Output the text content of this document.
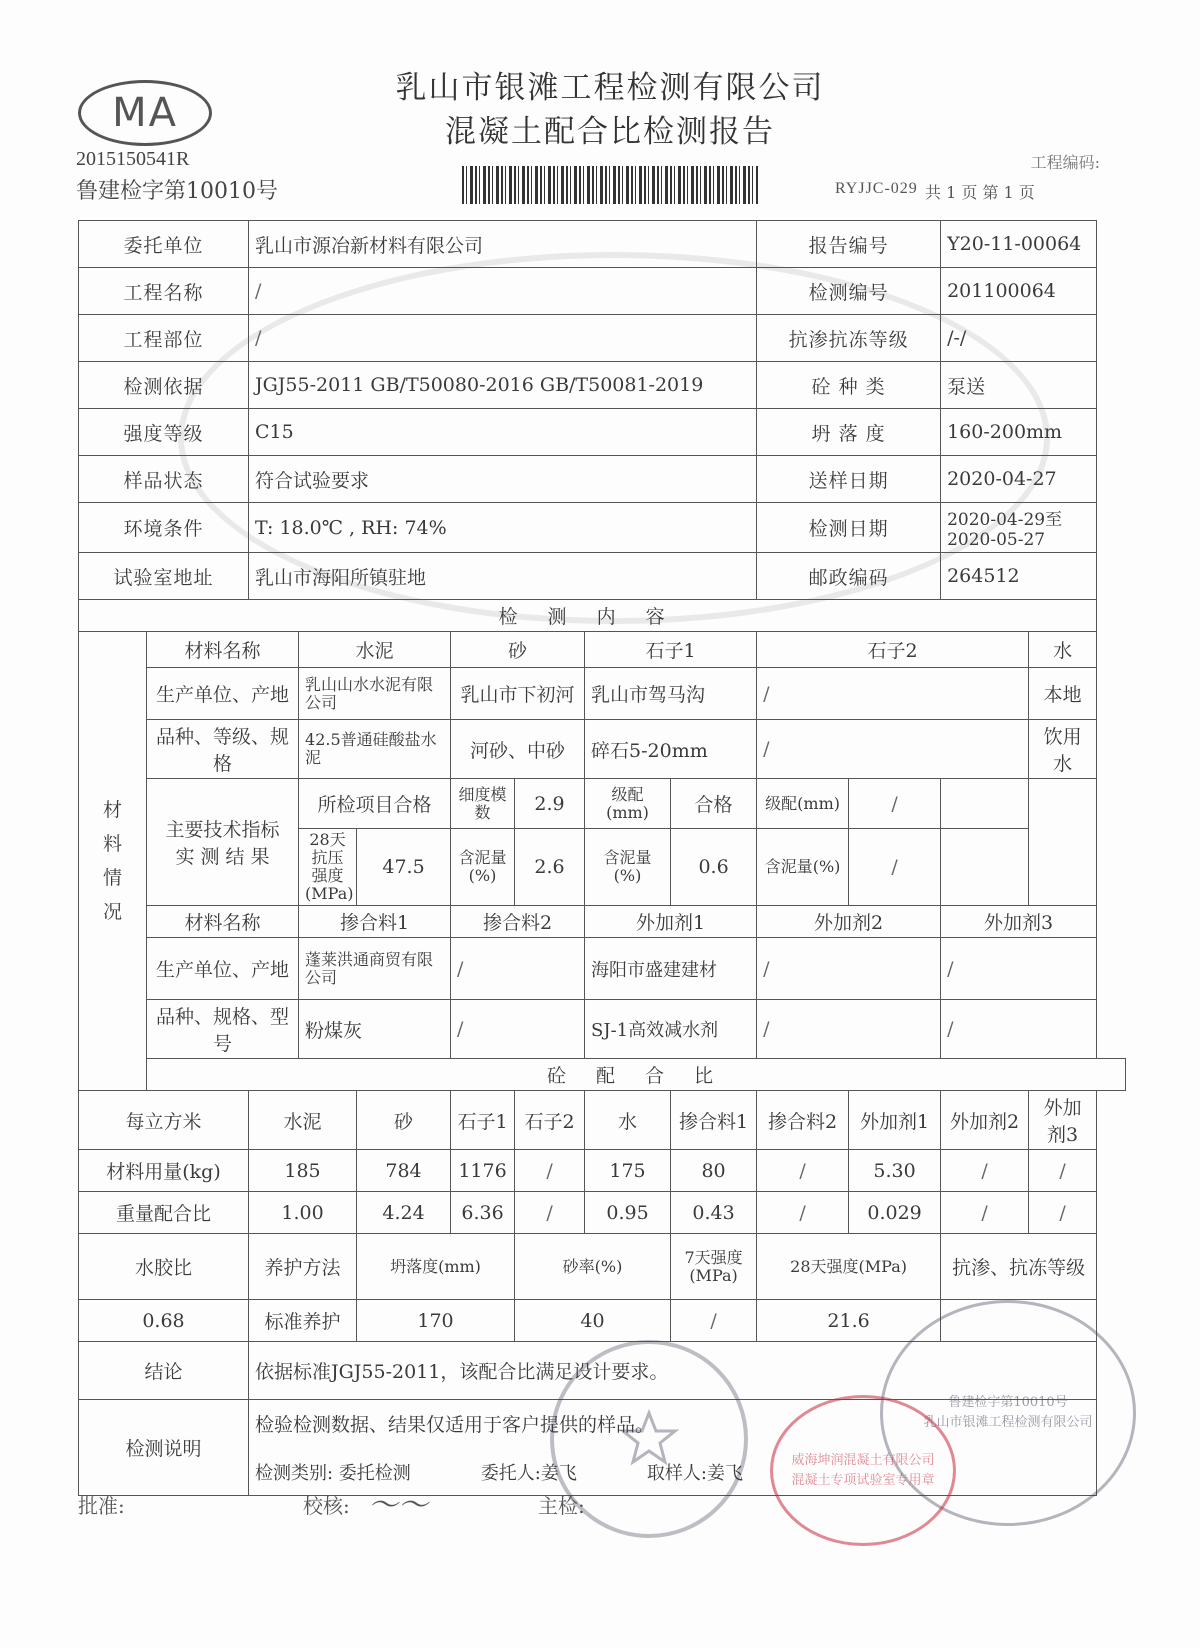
MA
2015150541R
鲁建检字第10010号
乳山市银滩工程检测有限公司
混凝土配合比检测报告
工程编码:
RYJJC-029 共 1 页 第 1 页
委托单位		乳山市源冶新材料有限公司							报告编号		Y20-11-00064	
工程名称		/							检测编号		201100064	
工程部位		/							抗渗抗冻等级		/-/	
检测依据		JGJ55-2011 GB/T50080-2016 GB/T50081-2019							砼 种 类		泵送	
强度等级		C15							坍 落 度		160-200mm	
样品状态		符合试验要求							送样日期		2020-04-27	
环境条件		T: 18.0℃ , RH: 74%							检测日期		2020-04-29至2020-05-27	
试验室地址		乳山市海阳所镇驻地							邮政编码		264512	
检 测 内 容												
材 料 情 况	材料名称		水泥		砂		石子1		石子2			水
	生产单位、产地		乳山山水水泥有限公司		乳山市下初河		乳山市驾马沟		/			本地
	品种、等级、规格		42.5普通硅酸盐水泥		河砂、中砂		碎石5-20mm		/			饮用水

	主要技术指标
实 测 结 果		所检项目合格		细度模数	2.9	级配(mm)	合格	级配(mm)	/		
			28天抗压强度(MPa)	47.5	含泥量(%)	2.6	含泥量(%)	0.6	含泥量(%)	/		
	材料名称		掺合料1		掺合料2		外加剂1		外加剂2		外加剂3	
	生产单位、产地		蓬莱洪通商贸有限公司		/		海阳市盛建建材		/		/	
	品种、规格、型号		粉煤灰		/		SJ-1高效减水剂		/		/	
	砼 配 合 比											
每立方米		水泥		砂	石子1	石子2	水	掺合料1	掺合料2	外加剂1	外加剂2	外加剂3
材料用量(kg)		185		784	1176	/	175	80	/	5.30	/	/
重量配合比		1.00		4.24	6.36	/	0.95	0.43	/	0.029	/	/
水胶比		养护方法		坍落度(mm)		砂率(%)		7天强度(MPa)	28天强度(MPa)		抗渗、抗冻等级	
0.68		标准养护		170		40		/	21.6			
结论		依据标准JGJ55-2011，该配合比满足设计要求。										
检测说明		检验检测数据、结果仅适用于客户提供的样品。
检测类别: 委托检测 委托人:姜飞 取样人:姜飞										
鲁建检字第10010号
乳山市银滩工程检测有限公司
威海坤润混凝土有限公司
混凝土专项试验室专用章
批准:	校核: 〜〜	主检:
